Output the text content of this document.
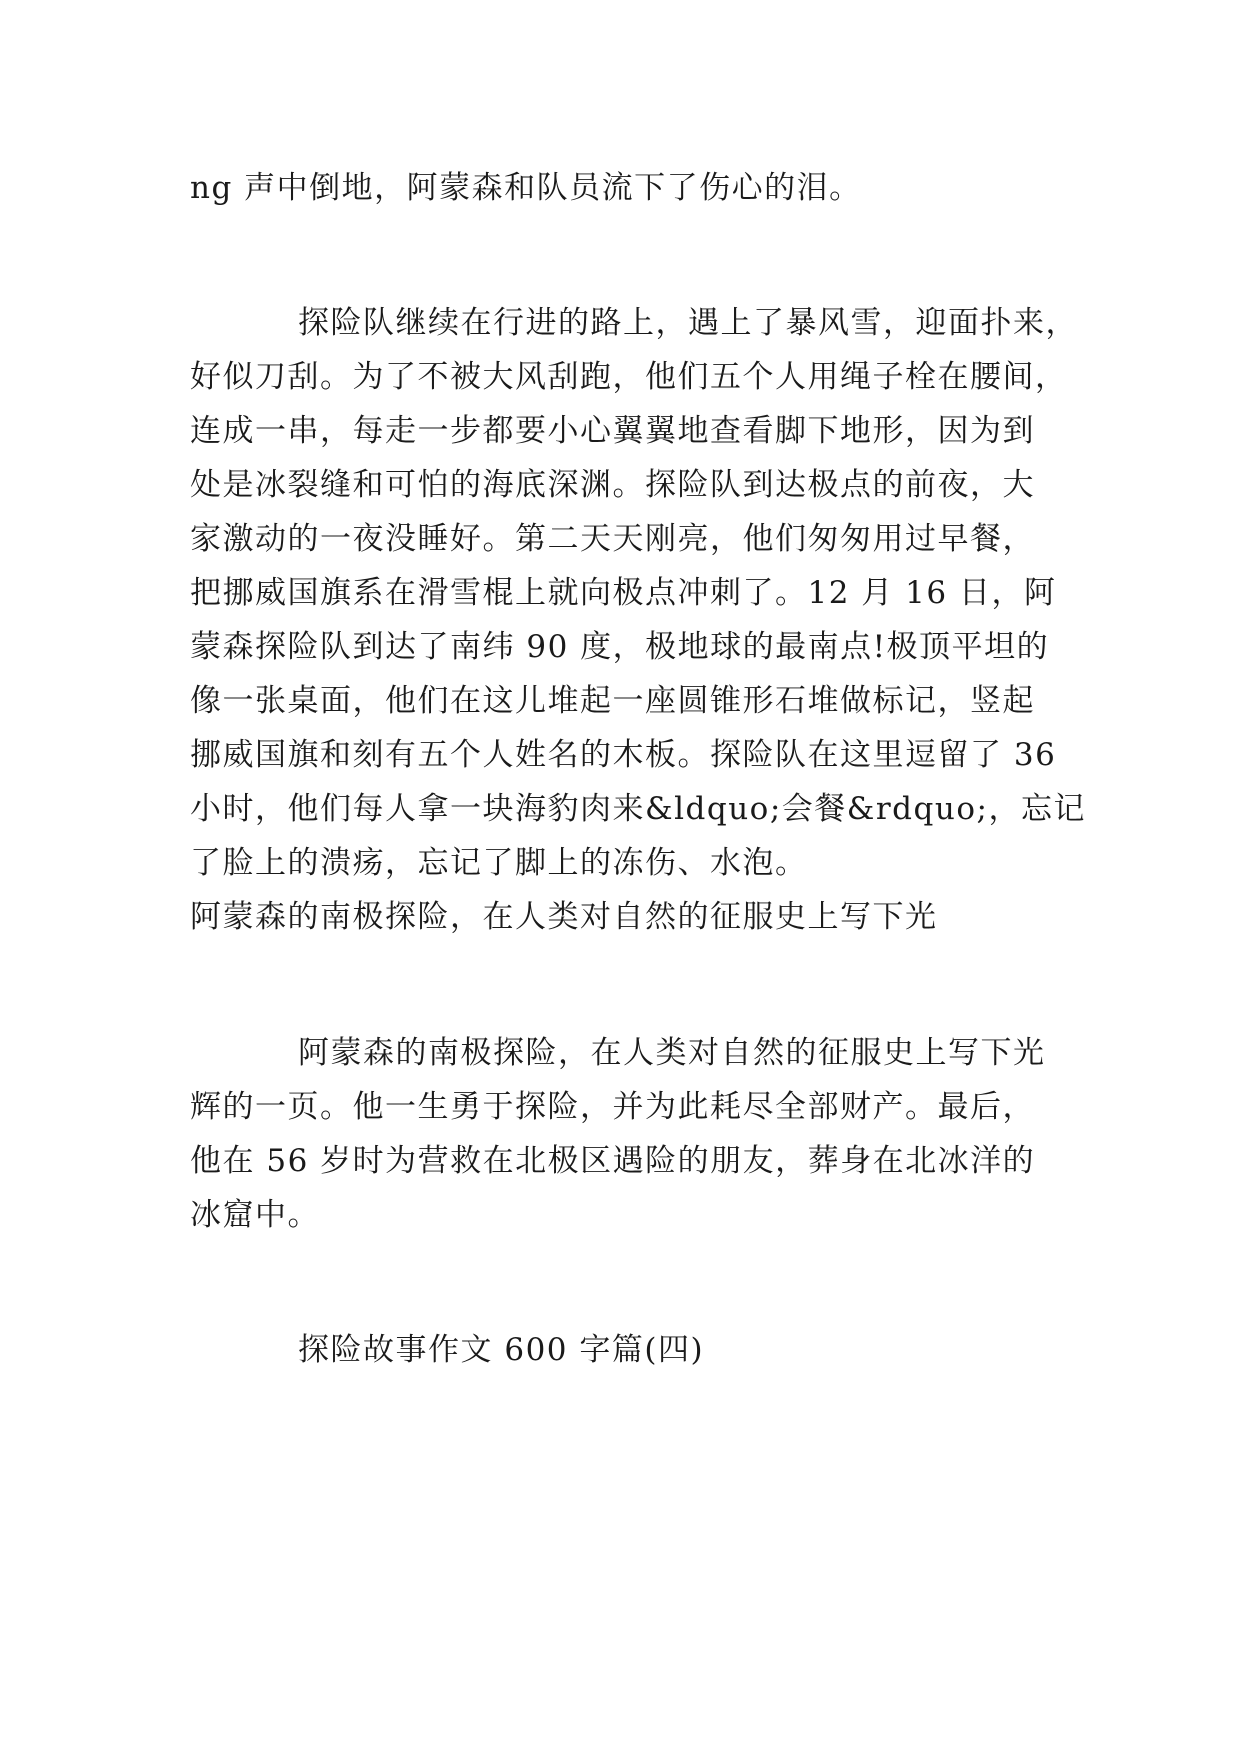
ng 声中倒地，阿蒙森和队员流下了伤心的泪。
探险队继续在行进的路上，遇上了暴风雪，迎面扑来，
好似刀刮。为了不被大风刮跑，他们五个人用绳子栓在腰间，
连成一串，每走一步都要小心翼翼地查看脚下地形，因为到
处是冰裂缝和可怕的海底深渊。探险队到达极点的前夜，大
家激动的一夜没睡好。第二天天刚亮，他们匆匆用过早餐，
把挪威国旗系在滑雪棍上就向极点冲刺了。12 月 16 日，阿
蒙森探险队到达了南纬 90 度，极地球的最南点!极顶平坦的
像一张桌面，他们在这儿堆起一座圆锥形石堆做标记，竖起
挪威国旗和刻有五个人姓名的木板。探险队在这里逗留了 36
小时，他们每人拿一块海豹肉来&ldquo;会餐&rdquo;，忘记
了脸上的溃疡，忘记了脚上的冻伤、水泡。
阿蒙森的南极探险，在人类对自然的征服史上写下光
阿蒙森的南极探险，在人类对自然的征服史上写下光
辉的一页。他一生勇于探险，并为此耗尽全部财产。最后，
他在 56 岁时为营救在北极区遇险的朋友，葬身在北冰洋的
冰窟中。
探险故事作文 600 字篇(四)
